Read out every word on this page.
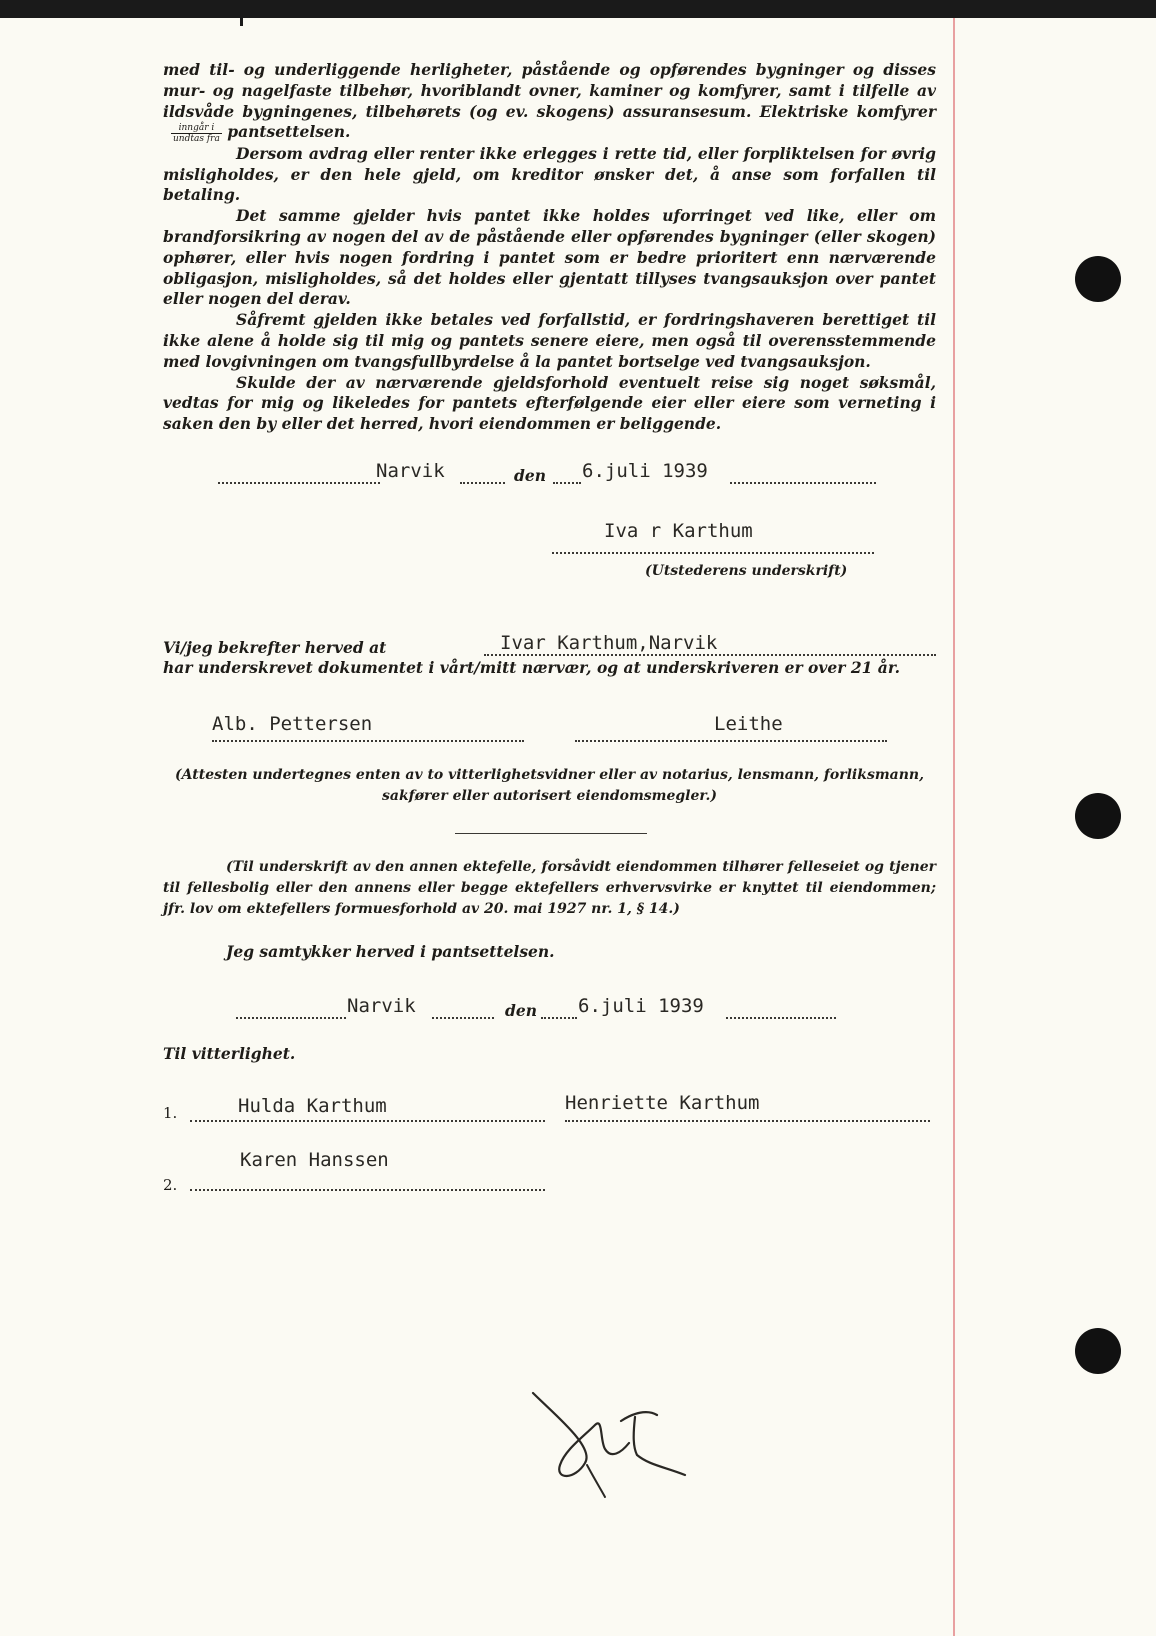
med til- og underliggende herligheter, påstående og opførendes bygninger og disses mur- og nagelfaste tilbehør, hvoriblandt ovner, kaminer og komfyrer, samt i tilfelle av ildsvåde bygningenes, tilbehørets (og ev. skogens) assuransesum. Elektriske komfyrer
$\frac{\text{inngår i}}{\text{undtas fra}}$ pantsettelsen.

Dersom avdrag eller renter ikke erlegges i rette tid, eller forpliktelsen for øvrig misligholdes, er den hele gjeld, om kreditor ønsker det, å anse som forfallen til betaling.

Det samme gjelder hvis pantet ikke holdes uforringet ved like, eller om brandforsikring av nogen del av de påstående eller opførendes bygninger (eller skogen) ophører, eller hvis nogen fordring i pantet som er bedre prioritert enn nærværende obligasjon, misligholdes, så det holdes eller gjentatt tillyses tvangsauksjon over pantet eller nogen del derav.

Såfremt gjelden ikke betales ved forfallstid, er fordringshaveren berettiget til ikke alene å holde sig til mig og pantets senere eiere, men også til overensstemmende med lovgivningen om tvangsfullbyrdelse å la pantet bortselge ved tvangsauksjon.

Skulde der av nærværende gjeldsforhold eventuelt reise sig noget søksmål, vedtas for mig og likeledes for pantets efterfølgende eier eller eiere som verneting i saken den by eller det herred, hvori eiendommen er beliggende.

Narvik	den 6.juli 1939
Iva r Karthum
(Utstederens underskrift)
Vi/jeg bekrefter herved at	Ivar Karthum,Narvik
har underskrevet dokumentet i vårt/mitt nærvær, og at underskriveren er over 21 år.
Alb. Pettersen	Leithe
(Attesten undertegnes enten av to vitterlighetsvidner eller av notarius, lensmann, forliksmann, sakfører eller autorisert eiendomsmegler.)
(Til underskrift av den annen ektefelle, forsåvidt eiendommen tilhører felleseiet og tjener til fellesbolig eller den annens eller begge ektefellers erhvervsvirke er knyttet til eiendommen; jfr. lov om ektefellers formuesforhold av 20. mai 1927 nr. 1, § 14.)
Jeg samtykker herved i pantsettelsen.
Narvik	den 6.juli 1939
Til vitterlighet.
1.	Hulda Karthum	Henriette Karthum
2.
Karen Hanssen
